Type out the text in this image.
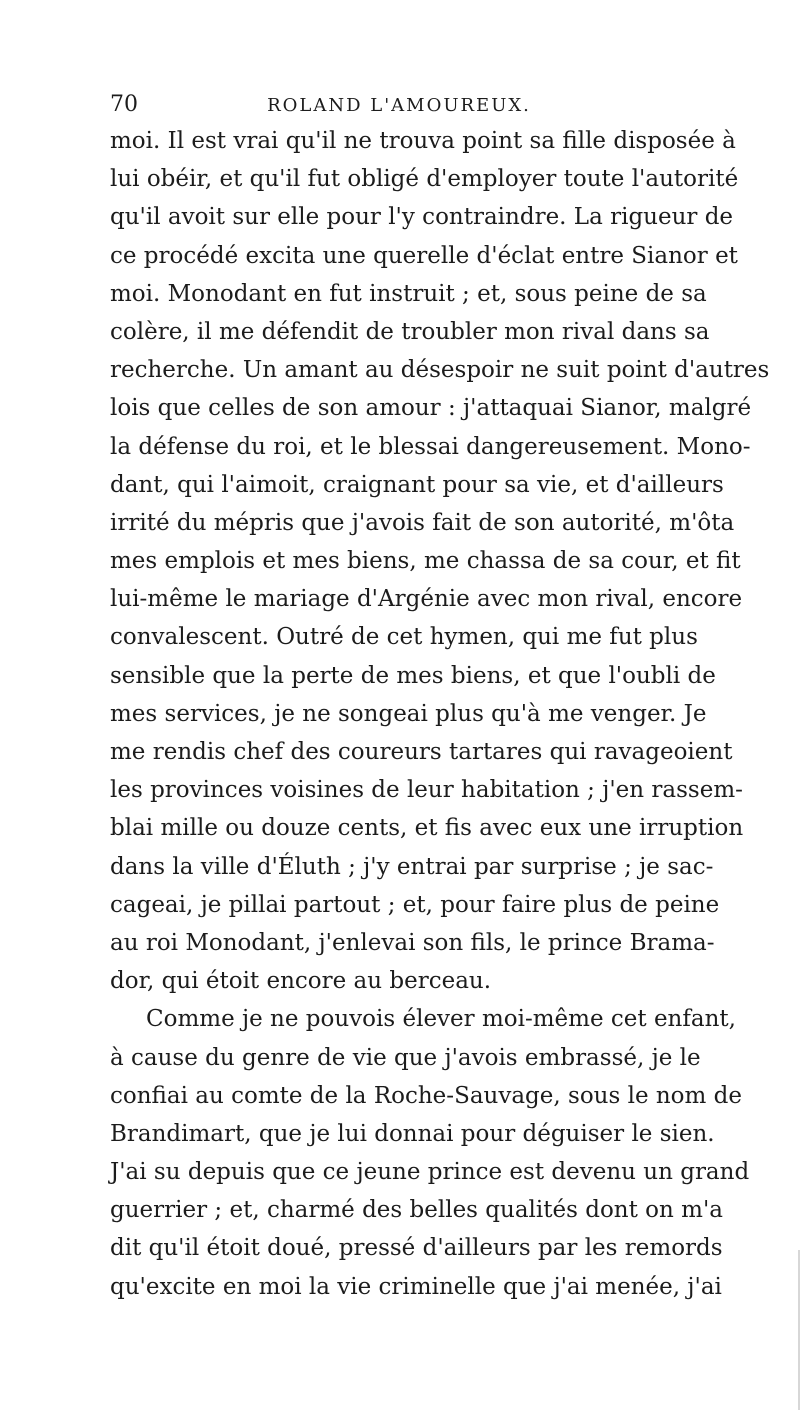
70	ROLAND L'AMOUREUX.
moi. Il est vrai qu'il ne trouva point sa fille disposée à
lui obéir, et qu'il fut obligé d'employer toute l'autorité
qu'il avoit sur elle pour l'y contraindre. La rigueur de
ce procédé excita une querelle d'éclat entre Sianor et
moi. Monodant en fut instruit ; et, sous peine de sa
colère, il me défendit de troubler mon rival dans sa
recherche. Un amant au désespoir ne suit point d'autres
lois que celles de son amour : j'attaquai Sianor, malgré
la défense du roi, et le blessai dangereusement. Mono-
dant, qui l'aimoit, craignant pour sa vie, et d'ailleurs
irrité du mépris que j'avois fait de son autorité, m'ôta
mes emplois et mes biens, me chassa de sa cour, et fit
lui-même le mariage d'Argénie avec mon rival, encore
convalescent. Outré de cet hymen, qui me fut plus
sensible que la perte de mes biens, et que l'oubli de
mes services, je ne songeai plus qu'à me venger. Je
me rendis chef des coureurs tartares qui ravageoient
les provinces voisines de leur habitation ; j'en rassem-
blai mille ou douze cents, et fis avec eux une irruption
dans la ville d'Éluth ; j'y entrai par surprise ; je sac-
cageai, je pillai partout ; et, pour faire plus de peine
au roi Monodant, j'enlevai son fils, le prince Brama-
dor, qui étoit encore au berceau.
Comme je ne pouvois élever moi-même cet enfant,
à cause du genre de vie que j'avois embrassé, je le
confiai au comte de la Roche-Sauvage, sous le nom de
Brandimart, que je lui donnai pour déguiser le sien.
J'ai su depuis que ce jeune prince est devenu un grand
guerrier ; et, charmé des belles qualités dont on m'a
dit qu'il étoit doué, pressé d'ailleurs par les remords
qu'excite en moi la vie criminelle que j'ai menée, j'ai
